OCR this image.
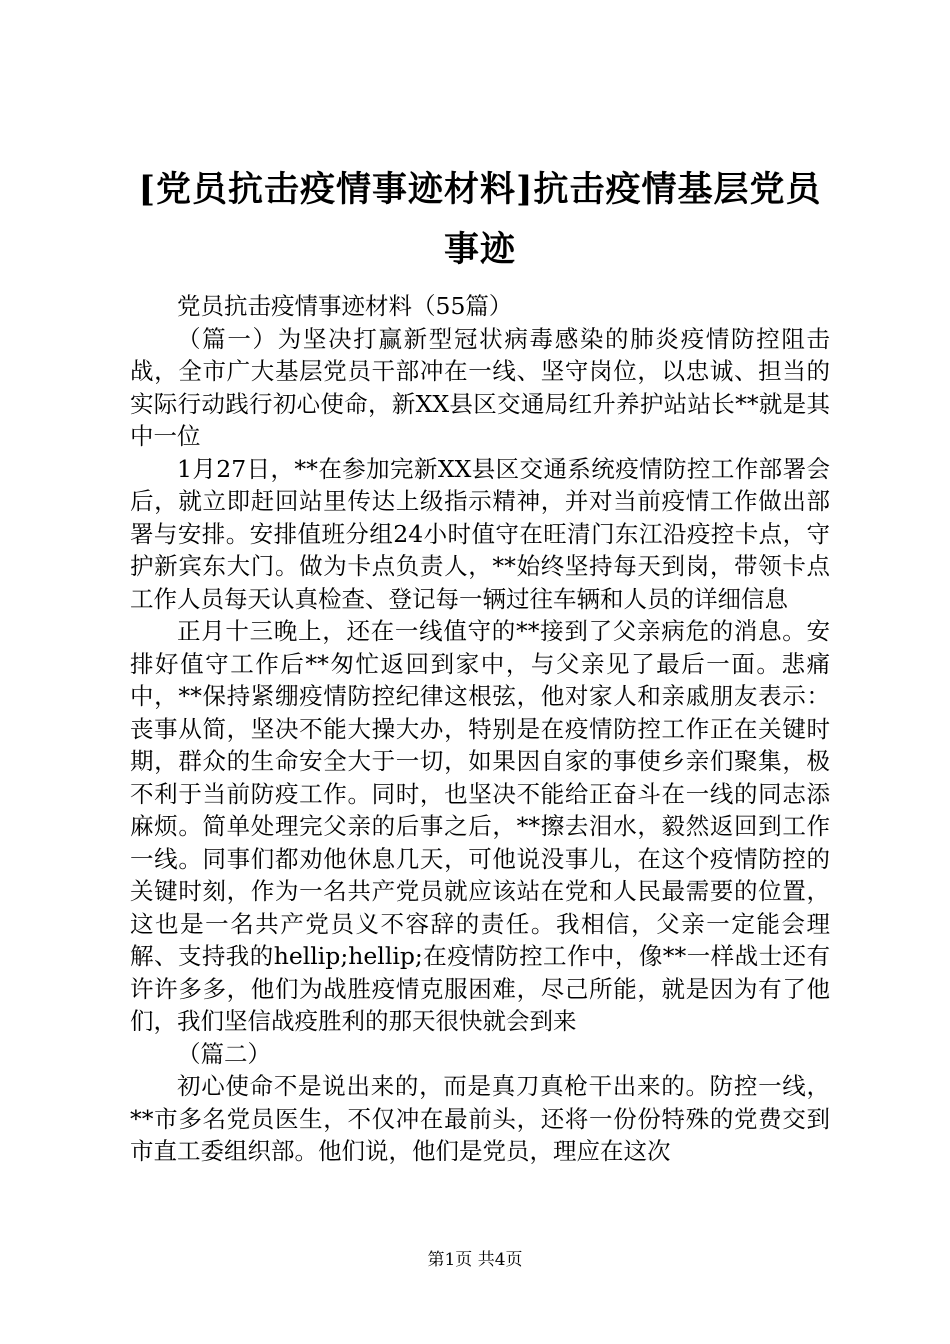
[党员抗击疫情事迹材料]抗击疫情基层党员事迹

党员抗击疫情事迹材料（55篇）

（篇一）为坚决打赢新型冠状病毒感染的肺炎疫情防控阻击战，全市广大基层党员干部冲在一线、坚守岗位，以忠诚、担当的实际行动践行初心使命，新XX县区交通局红升养护站站长**就是其中一位

1月27日，**在参加完新XX县区交通系统疫情防控工作部署会后，就立即赶回站里传达上级指示精神，并对当前疫情工作做出部署与安排。安排值班分组24小时值守在旺清门东江沿疫控卡点，守护新宾东大门。做为卡点负责人，**始终坚持每天到岗，带领卡点工作人员每天认真检查、登记每一辆过往车辆和人员的详细信息

正月十三晚上，还在一线值守的**接到了父亲病危的消息。安排好值守工作后**匆忙返回到家中，与父亲见了最后一面。悲痛中，**保持紧绷疫情防控纪律这根弦，他对家人和亲戚朋友表示：丧事从简，坚决不能大操大办，特别是在疫情防控工作正在关键时期，群众的生命安全大于一切，如果因自家的事使乡亲们聚集，极不利于当前防疫工作。同时，也坚决不能给正奋斗在一线的同志添麻烦。简单处理完父亲的后事之后，**擦去泪水，毅然返回到工作一线。同事们都劝他休息几天，可他说没事儿，在这个疫情防控的关键时刻，作为一名共产党员就应该站在党和人民最需要的位置，这也是一名共产党员义不容辞的责任。我相信，父亲一定能会理解、支持我的hellip;hellip;在疫情防控工作中，像**一样战士还有许许多多，他们为战胜疫情克服困难，尽己所能，就是因为有了他们，我们坚信战疫胜利的那天很快就会到来

（篇二）

初心使命不是说出来的，而是真刀真枪干出来的。防控一线，**市多名党员医生，不仅冲在最前头，还将一份份特殊的党费交到市直工委组织部。他们说，他们是党员，理应在这次

第1页 共4页
